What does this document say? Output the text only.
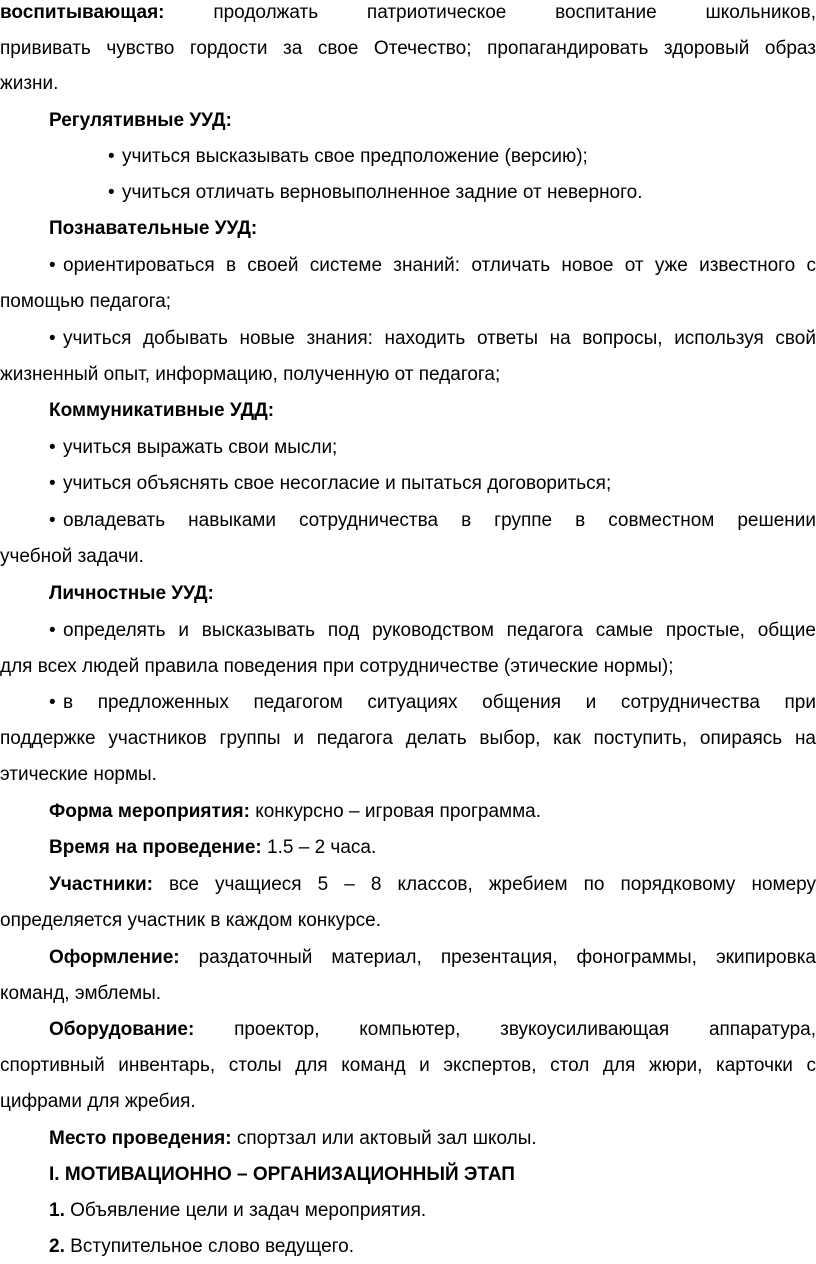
воспитывающая:	продолжать патриотическое воспитание школьников,
прививать чувство гордости за свое Отечество; пропагандировать здоровый образ
жизни.
Регулятивные УУД:
• учиться высказывать свое предположение (версию);
• учиться отличать верновыполненное задние от неверного.
Познавательные УУД:
• ориентироваться в своей системе знаний: отличать новое от уже известного с
помощью педагога;
• учиться добывать новые знания: находить ответы на вопросы, используя свой
жизненный опыт, информацию, полученную от педагога;
Коммуникативные УДД:
• учиться выражать свои мысли;
• учиться объяснять свое несогласие и пытаться договориться;
• овладевать навыками сотрудничества в группе в совместном решении
учебной задачи.
Личностные УУД:
• определять и высказывать под руководством педагога самые простые, общие
для всех людей правила поведения при сотрудничестве (этические нормы);
• в предложенных педагогом ситуациях общения и сотрудничества при
поддержке участников группы и педагога делать выбор, как поступить, опираясь на
этические нормы.
Форма мероприятия: конкурсно – игровая программа.
Время на проведение: 1.5 – 2 часа.
Участники: все учащиеся 5 – 8 классов, жребием по порядковому номеру
определяется участник в каждом конкурсе.
Оформление: раздаточный материал, презентация, фонограммы, экипировка
команд, эмблемы.
Оборудование: проектор, компьютер, звукоусиливающая аппаратура,
спортивный инвентарь, столы для команд и экспертов, стол для жюри, карточки с
цифрами для жребия.
Место проведения: спортзал или актовый зал школы.
I. МОТИВАЦИОННО – ОРГАНИЗАЦИОННЫЙ ЭТАП
1. Объявление цели и задач мероприятия.
2. Вступительное слово ведущего.
